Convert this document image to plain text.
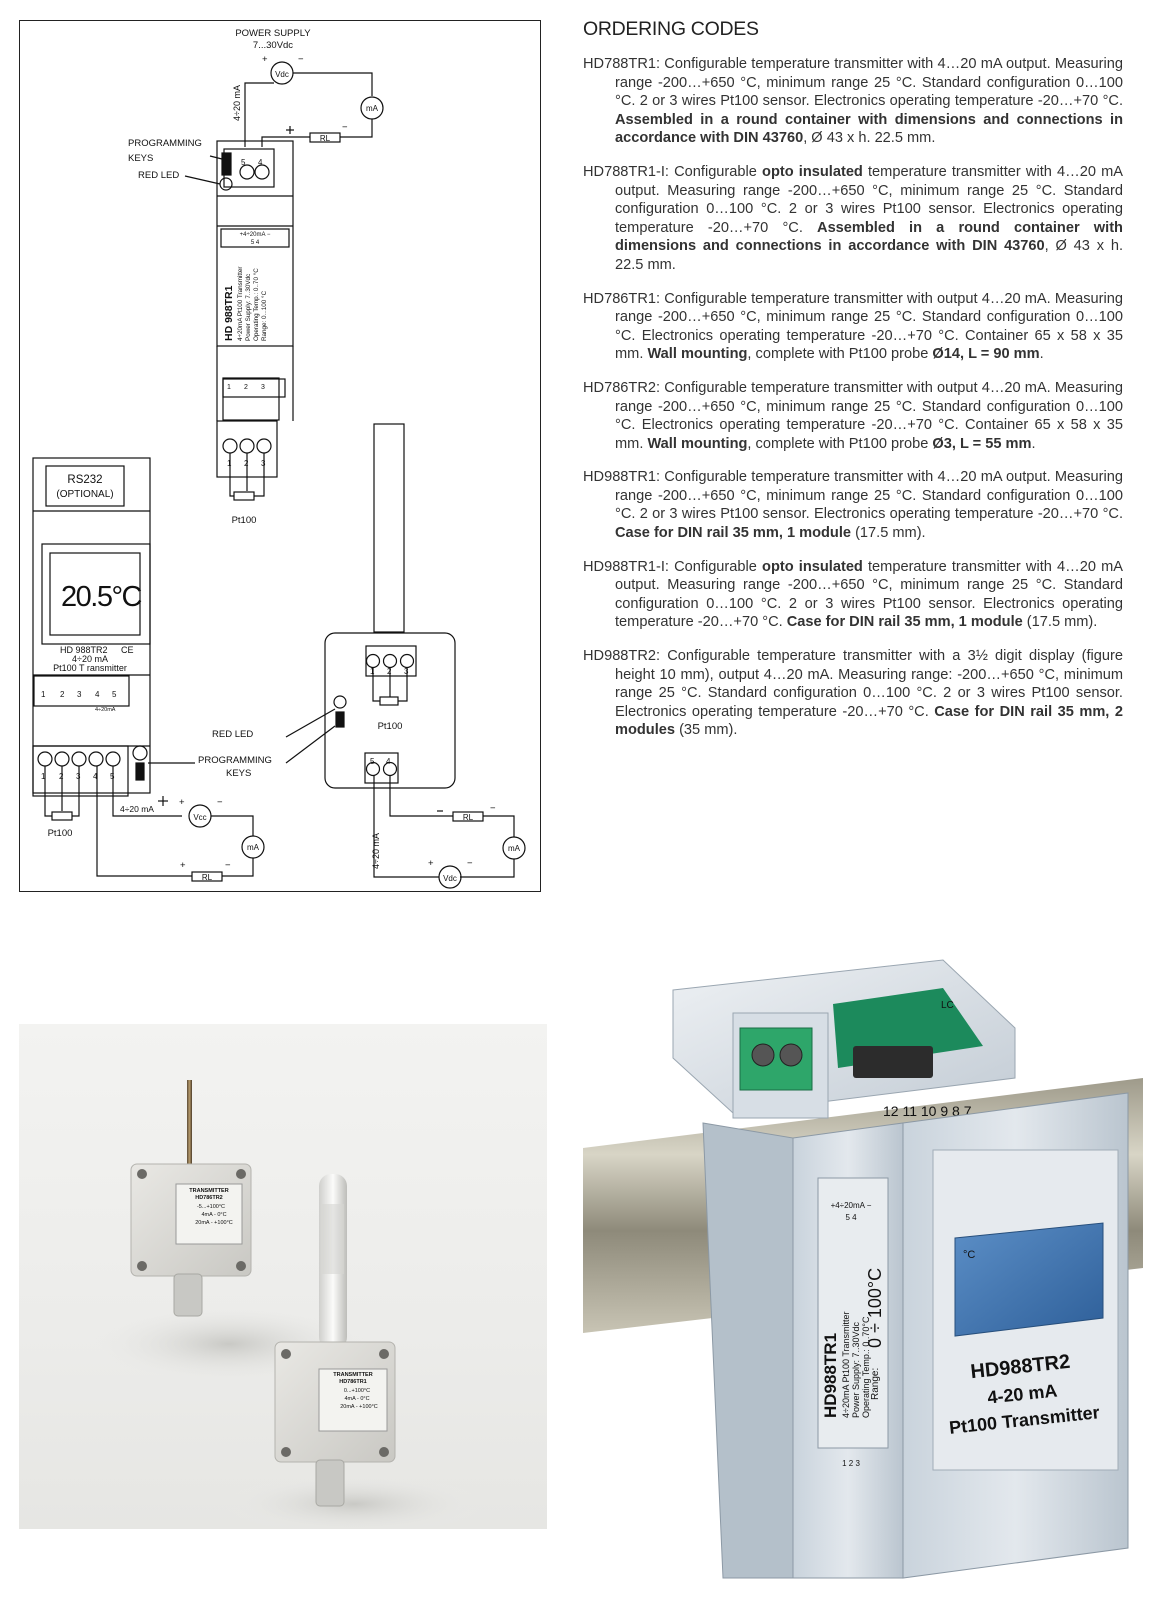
POWER SUPPLY
7...30Vdc
+	−
Vdc
mA
RL
−
4÷20 mA
PROGRAMMING
KEYS
RED LED
5 4
+4÷20mA −
5 4
HD 988TR1 4÷20mA Pt100 Transmitter Power Supply: 7..30Vdc Operating Temp.: 0..70 °C Range: 0...100 °C
1 2 3
1 2 3
Pt100
RS232
(OPTIONAL)
20.5°C
HD 988TR2 CE
4÷20 mA
Pt100 T ransmitter
1 2 3 4 5
4÷20mA
1 2 3 4 5
RED LED
PROGRAMMING
KEYS
Pt100
4÷20 mA
Vcc
+	−
mA
RL
+	−
1 2 3
Pt100
5 4
RL
−
mA
Vdc
+	−
4÷20 mA
ORDERING CODES
HD788TR1: Configurable temperature transmitter with 4…20 mA output. Measuring range -200…+650 °C, minimum range 25 °C. Standard configuration 0…100 °C. 2 or 3 wires Pt100 sensor. Electronics operating temperature -20…+70 °C. Assembled in a round container with dimensions and connections in accordance with DIN 43760, Ø 43 x h. 22.5 mm.
HD788TR1-I: Configurable opto insulated temperature transmitter with 4…20 mA output. Measuring range -200…+650 °C, minimum range 25 °C. Standard configuration 0…100 °C. 2 or 3 wires Pt100 sensor. Electronics operating temperature -20…+70 °C. Assembled in a round container with dimensions and connections in accordance with DIN 43760, Ø 43 x h. 22.5 mm.
HD786TR1: Configurable temperature transmitter with output 4…20 mA. Measuring range -200…+650 °C, minimum range 25 °C. Standard configuration 0…100 °C. Electronics operating temperature -20…+70 °C. Container 65 x 58 x 35 mm. Wall mounting, complete with Pt100 probe Ø14, L = 90 mm.
HD786TR2: Configurable temperature transmitter with output 4…20 mA. Measuring range -200…+650 °C, minimum range 25 °C. Standard configuration 0…100 °C. Electronics operating temperature -20…+70 °C. Container 65 x 58 x 35 mm. Wall mounting, complete with Pt100 probe Ø3, L = 55 mm.
HD988TR1: Configurable temperature transmitter with 4…20 mA output. Measuring range -200…+650 °C, minimum range 25 °C. Standard configuration 0…100 °C. 2 or 3 wires Pt100 sensor. Electronics operating temperature -20…+70 °C. Case for DIN rail 35 mm, 1 module (17.5 mm).
HD988TR1-I: Configurable opto insulated temperature transmitter with 4…20 mA output. Measuring range -200…+650 °C, minimum range 25 °C. Standard configuration 0…100 °C. 2 or 3 wires Pt100 sensor. Electronics operating temperature -20…+70 °C. Case for DIN rail 35 mm, 1 module (17.5 mm).
HD988TR2: Configurable temperature transmitter with a 3½ digit display (figure height 10 mm), output 4…20 mA. Measuring range: -200…+650 °C, minimum range 25 °C. Standard configuration 0…100 °C. 2 or 3 wires Pt100 sensor. Electronics operating temperature -20…+70 °C. Case for DIN rail 35 mm, 2 modules (35 mm).
TRANSMITTER
HD786TR2
-5...+100°C
4mA - 0°C
20mA - +100°C
TRANSMITTER
HD786TR1
0...+100°C
4mA - 0°C
20mA - +100°C
LC
12 11 10 9 8 7
HD988TR1 4÷20mA Pt100 Transmitter Power Supply: 7..30Vdc Operating Temp.: 0..70°C Range:
0 ÷ 100°C
+4÷20mA −
5 4
1 2 3
°C
HD988TR2
4-20 mA
Pt100 Transmitter
